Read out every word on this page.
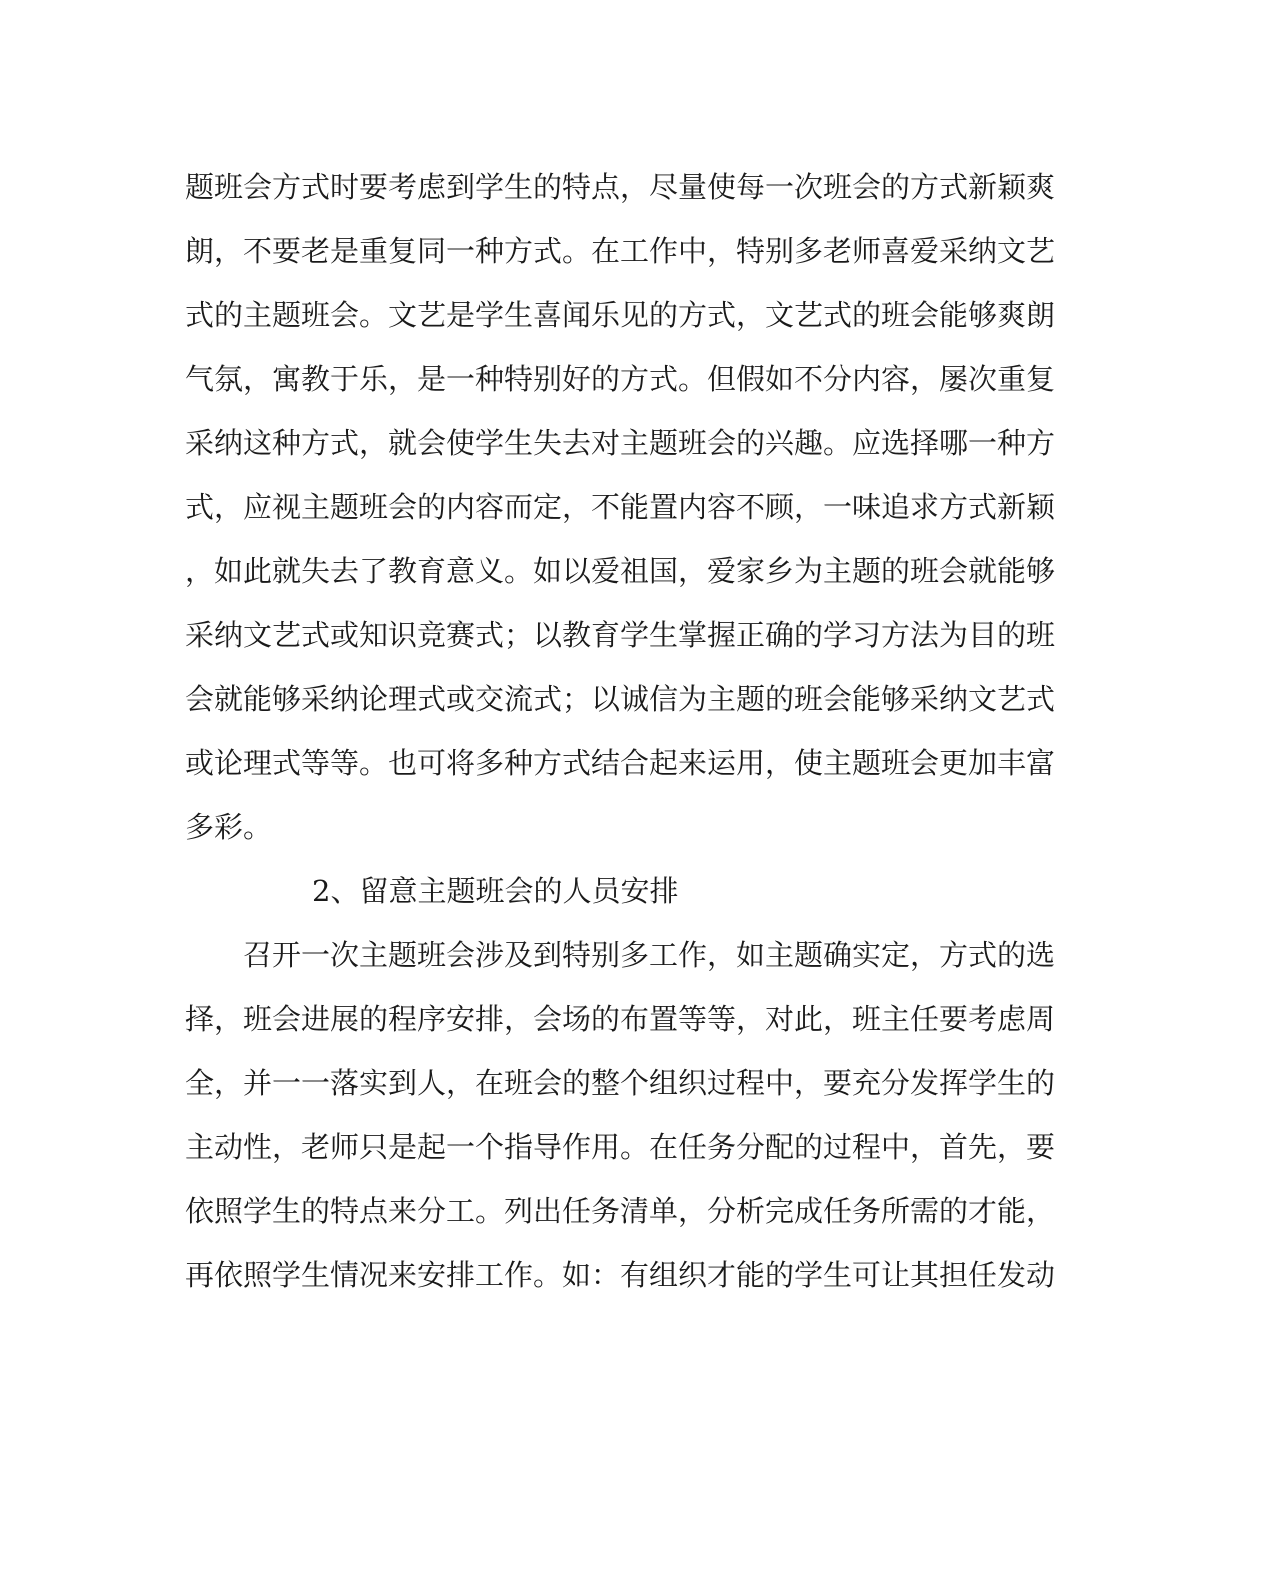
题班会方式时要考虑到学生的特点，尽量使每一次班会的方式新颖爽
朗，不要老是重复同一种方式。在工作中，特别多老师喜爱采纳文艺
式的主题班会。文艺是学生喜闻乐见的方式，文艺式的班会能够爽朗
气氛，寓教于乐，是一种特别好的方式。但假如不分内容，屡次重复
采纳这种方式，就会使学生失去对主题班会的兴趣。应选择哪一种方
式，应视主题班会的内容而定，不能置内容不顾，一味追求方式新颖
，如此就失去了教育意义。如以爱祖国，爱家乡为主题的班会就能够
采纳文艺式或知识竞赛式；以教育学生掌握正确的学习方法为目的班
会就能够采纳论理式或交流式；以诚信为主题的班会能够采纳文艺式
或论理式等等。也可将多种方式结合起来运用，使主题班会更加丰富
多彩。
2、留意主题班会的人员安排
召开一次主题班会涉及到特别多工作，如主题确实定，方式的选
择，班会进展的程序安排，会场的布置等等，对此，班主任要考虑周
全，并一一落实到人，在班会的整个组织过程中，要充分发挥学生的
主动性，老师只是起一个指导作用。在任务分配的过程中，首先，要
依照学生的特点来分工。列出任务清单，分析完成任务所需的才能，
再依照学生情况来安排工作。如：有组织才能的学生可让其担任发动
